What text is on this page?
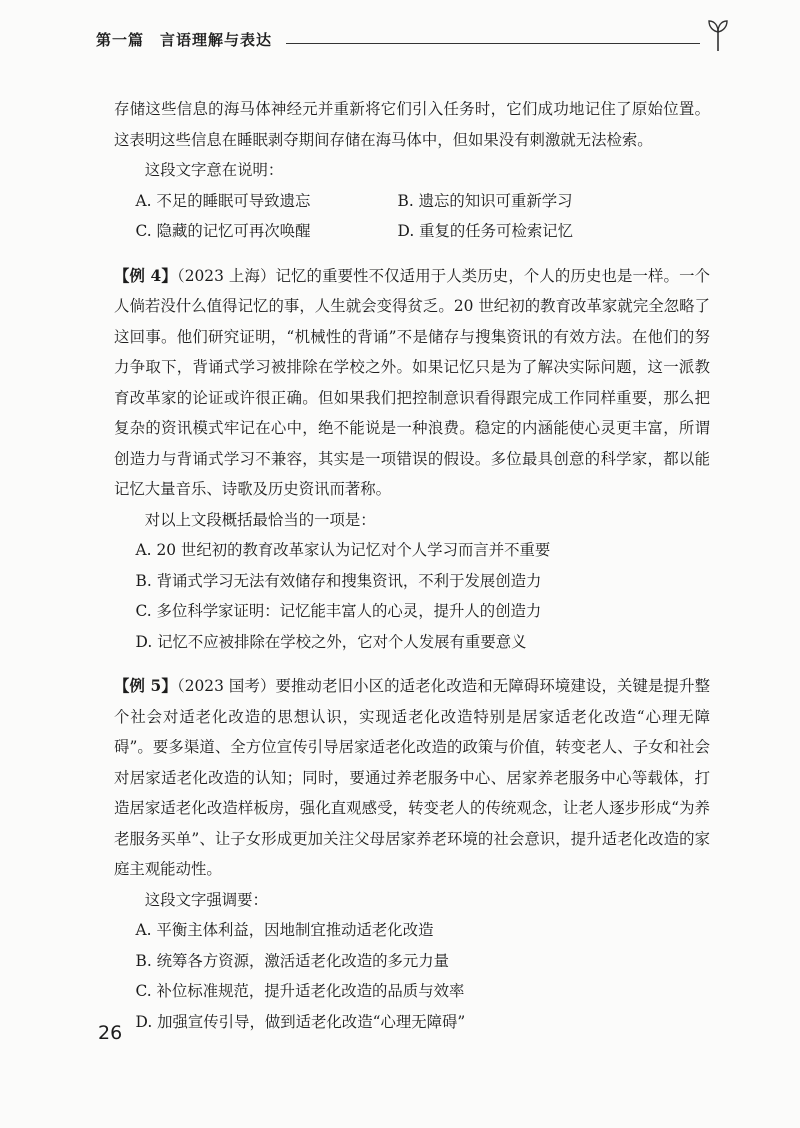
第一篇　言语理解与表达

存储这些信息的海马体神经元并重新将它们引入任务时，它们成功地记住了原始位置。这表明这些信息在睡眠剥夺期间存储在海马体中，但如果没有刺激就无法检索。

这段文字意在说明：

A. 不足的睡眠可导致遗忘	B. 遗忘的知识可重新学习
C. 隐藏的记忆可再次唤醒	D. 重复的任务可检索记忆

【例 4】（2023 上海）记忆的重要性不仅适用于人类历史，个人的历史也是一样。一个人倘若没什么值得记忆的事，人生就会变得贫乏。20 世纪初的教育改革家就完全忽略了这回事。他们研究证明，“机械性的背诵”不是储存与搜集资讯的有效方法。在他们的努力争取下，背诵式学习被排除在学校之外。如果记忆只是为了解决实际问题，这一派教育改革家的论证或许很正确。但如果我们把控制意识看得跟完成工作同样重要，那么把复杂的资讯模式牢记在心中，绝不能说是一种浪费。稳定的内涵能使心灵更丰富，所谓创造力与背诵式学习不兼容，其实是一项错误的假设。多位最具创意的科学家，都以能记忆大量音乐、诗歌及历史资讯而著称。

对以上文段概括最恰当的一项是：

A. 20 世纪初的教育改革家认为记忆对个人学习而言并不重要

B. 背诵式学习无法有效储存和搜集资讯，不利于发展创造力

C. 多位科学家证明：记忆能丰富人的心灵，提升人的创造力

D. 记忆不应被排除在学校之外，它对个人发展有重要意义

【例 5】（2023 国考）要推动老旧小区的适老化改造和无障碍环境建设，关键是提升整个社会对适老化改造的思想认识，实现适老化改造特别是居家适老化改造“心理无障碍”。要多渠道、全方位宣传引导居家适老化改造的政策与价值，转变老人、子女和社会对居家适老化改造的认知；同时，要通过养老服务中心、居家养老服务中心等载体，打造居家适老化改造样板房，强化直观感受，转变老人的传统观念，让老人逐步形成“为养老服务买单”、让子女形成更加关注父母居家养老环境的社会意识，提升适老化改造的家庭主观能动性。

这段文字强调要：

A. 平衡主体利益，因地制宜推动适老化改造

B. 统筹各方资源，激活适老化改造的多元力量

C. 补位标准规范，提升适老化改造的品质与效率

D. 加强宣传引导，做到适老化改造“心理无障碍”

26
